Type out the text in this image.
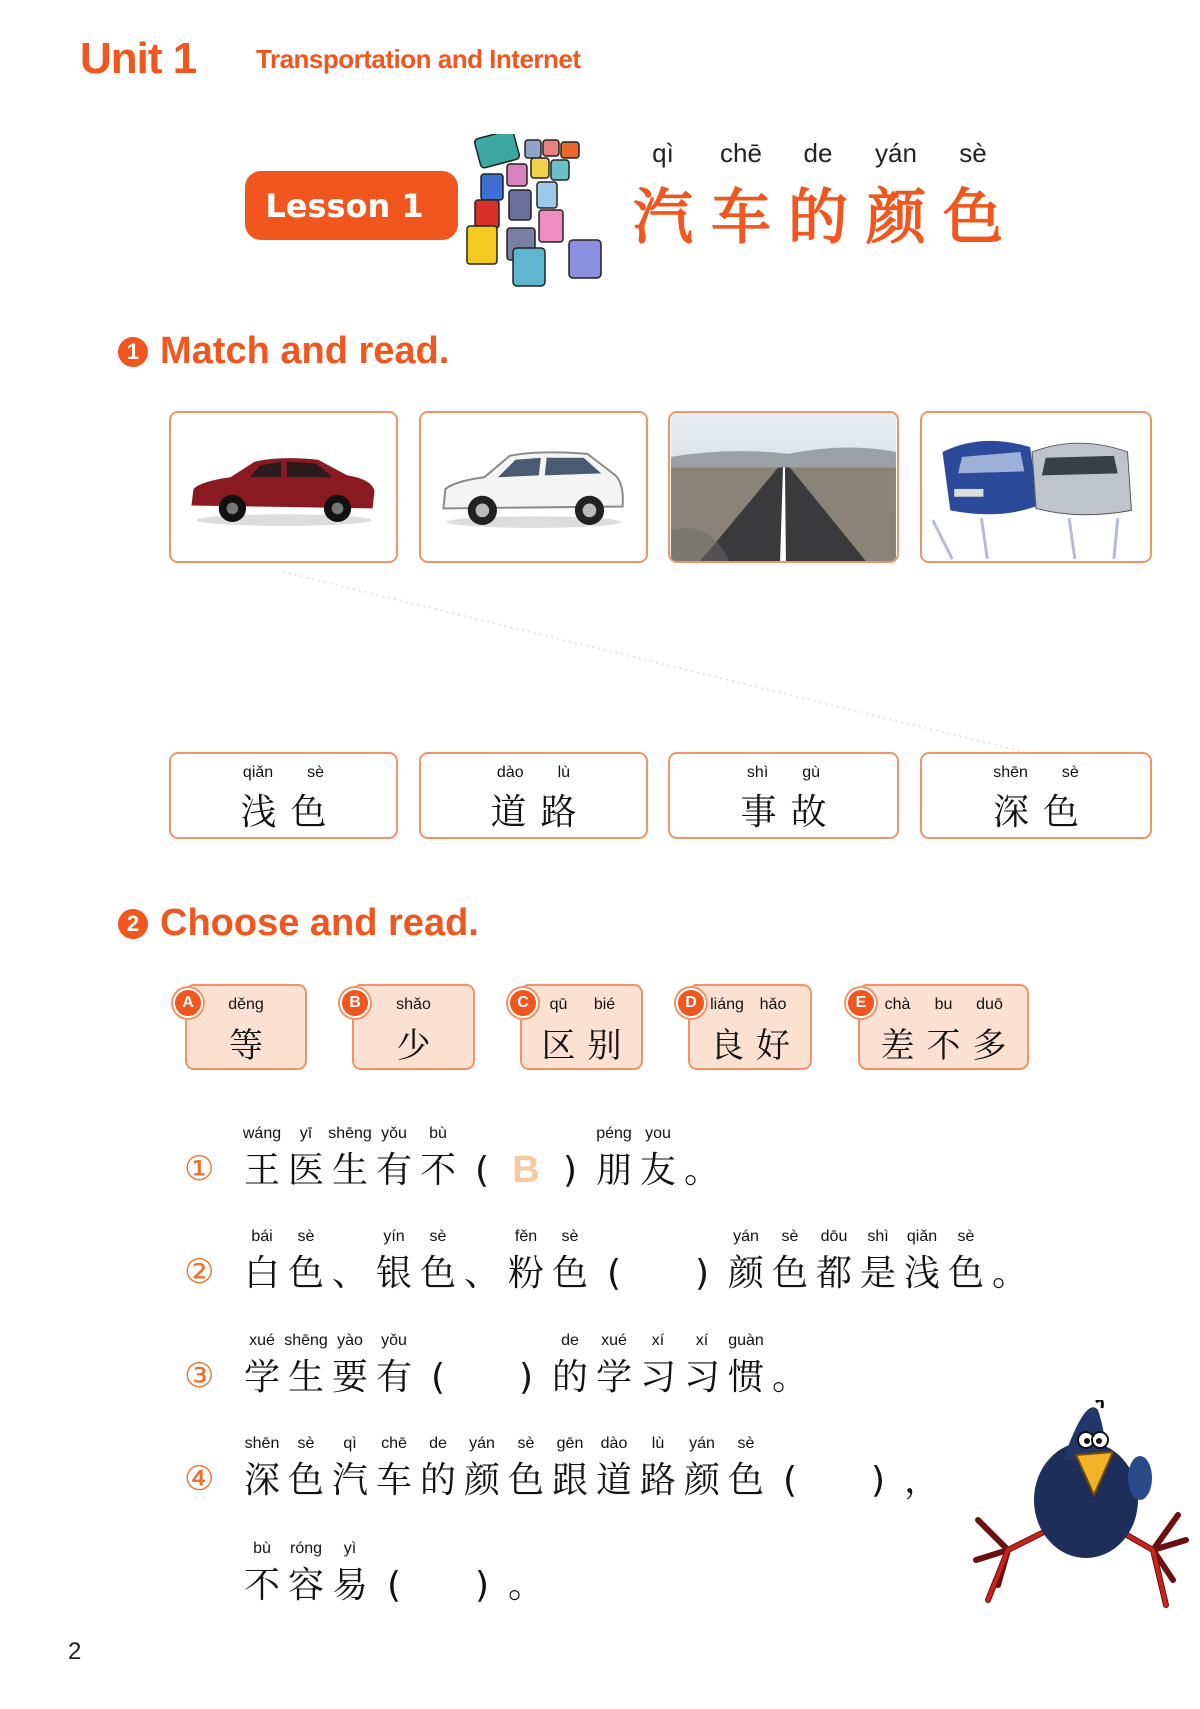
Unit 1 Transportation and Internet
Lesson 1
qì
汽
chē
车
de
的
yán
颜
sè
色
1 Match and read.
qiǎn sè
浅 色
dào lù
道 路
shì gù
事 故
shēn sè
深 色
2 Choose and read.
A	děng
等
B	shǎo
少
C	qū
区
bié
别
D liáng
良
hǎo
好
E	chà
差
bu
不
duō
多
①
wáng
王
yī
医
shēng
生
yǒu
有
bù
不 ( B )
péng
朋
you
友 。
②
bái
白
sè
色 、
yín
银
sè
色 、
fěn
粉
sè
色 (	)
yán
颜
sè
色
dōu
都
shì
是
qiǎn
浅
sè
色 。
③
xué
学
shēng
生
yào
要
yǒu
有 (	)
de
的
xué
学
xí
习
xí
习
guàn
惯 。
④
shēn
深
sè
色
qì
汽
chē
车
de
的
yán
颜
sè
色
gēn
跟
dào
道
lù
路
yán
颜
sè
色 (	) ，
bù
不
róng
容
yì
易 (	) 。
2
